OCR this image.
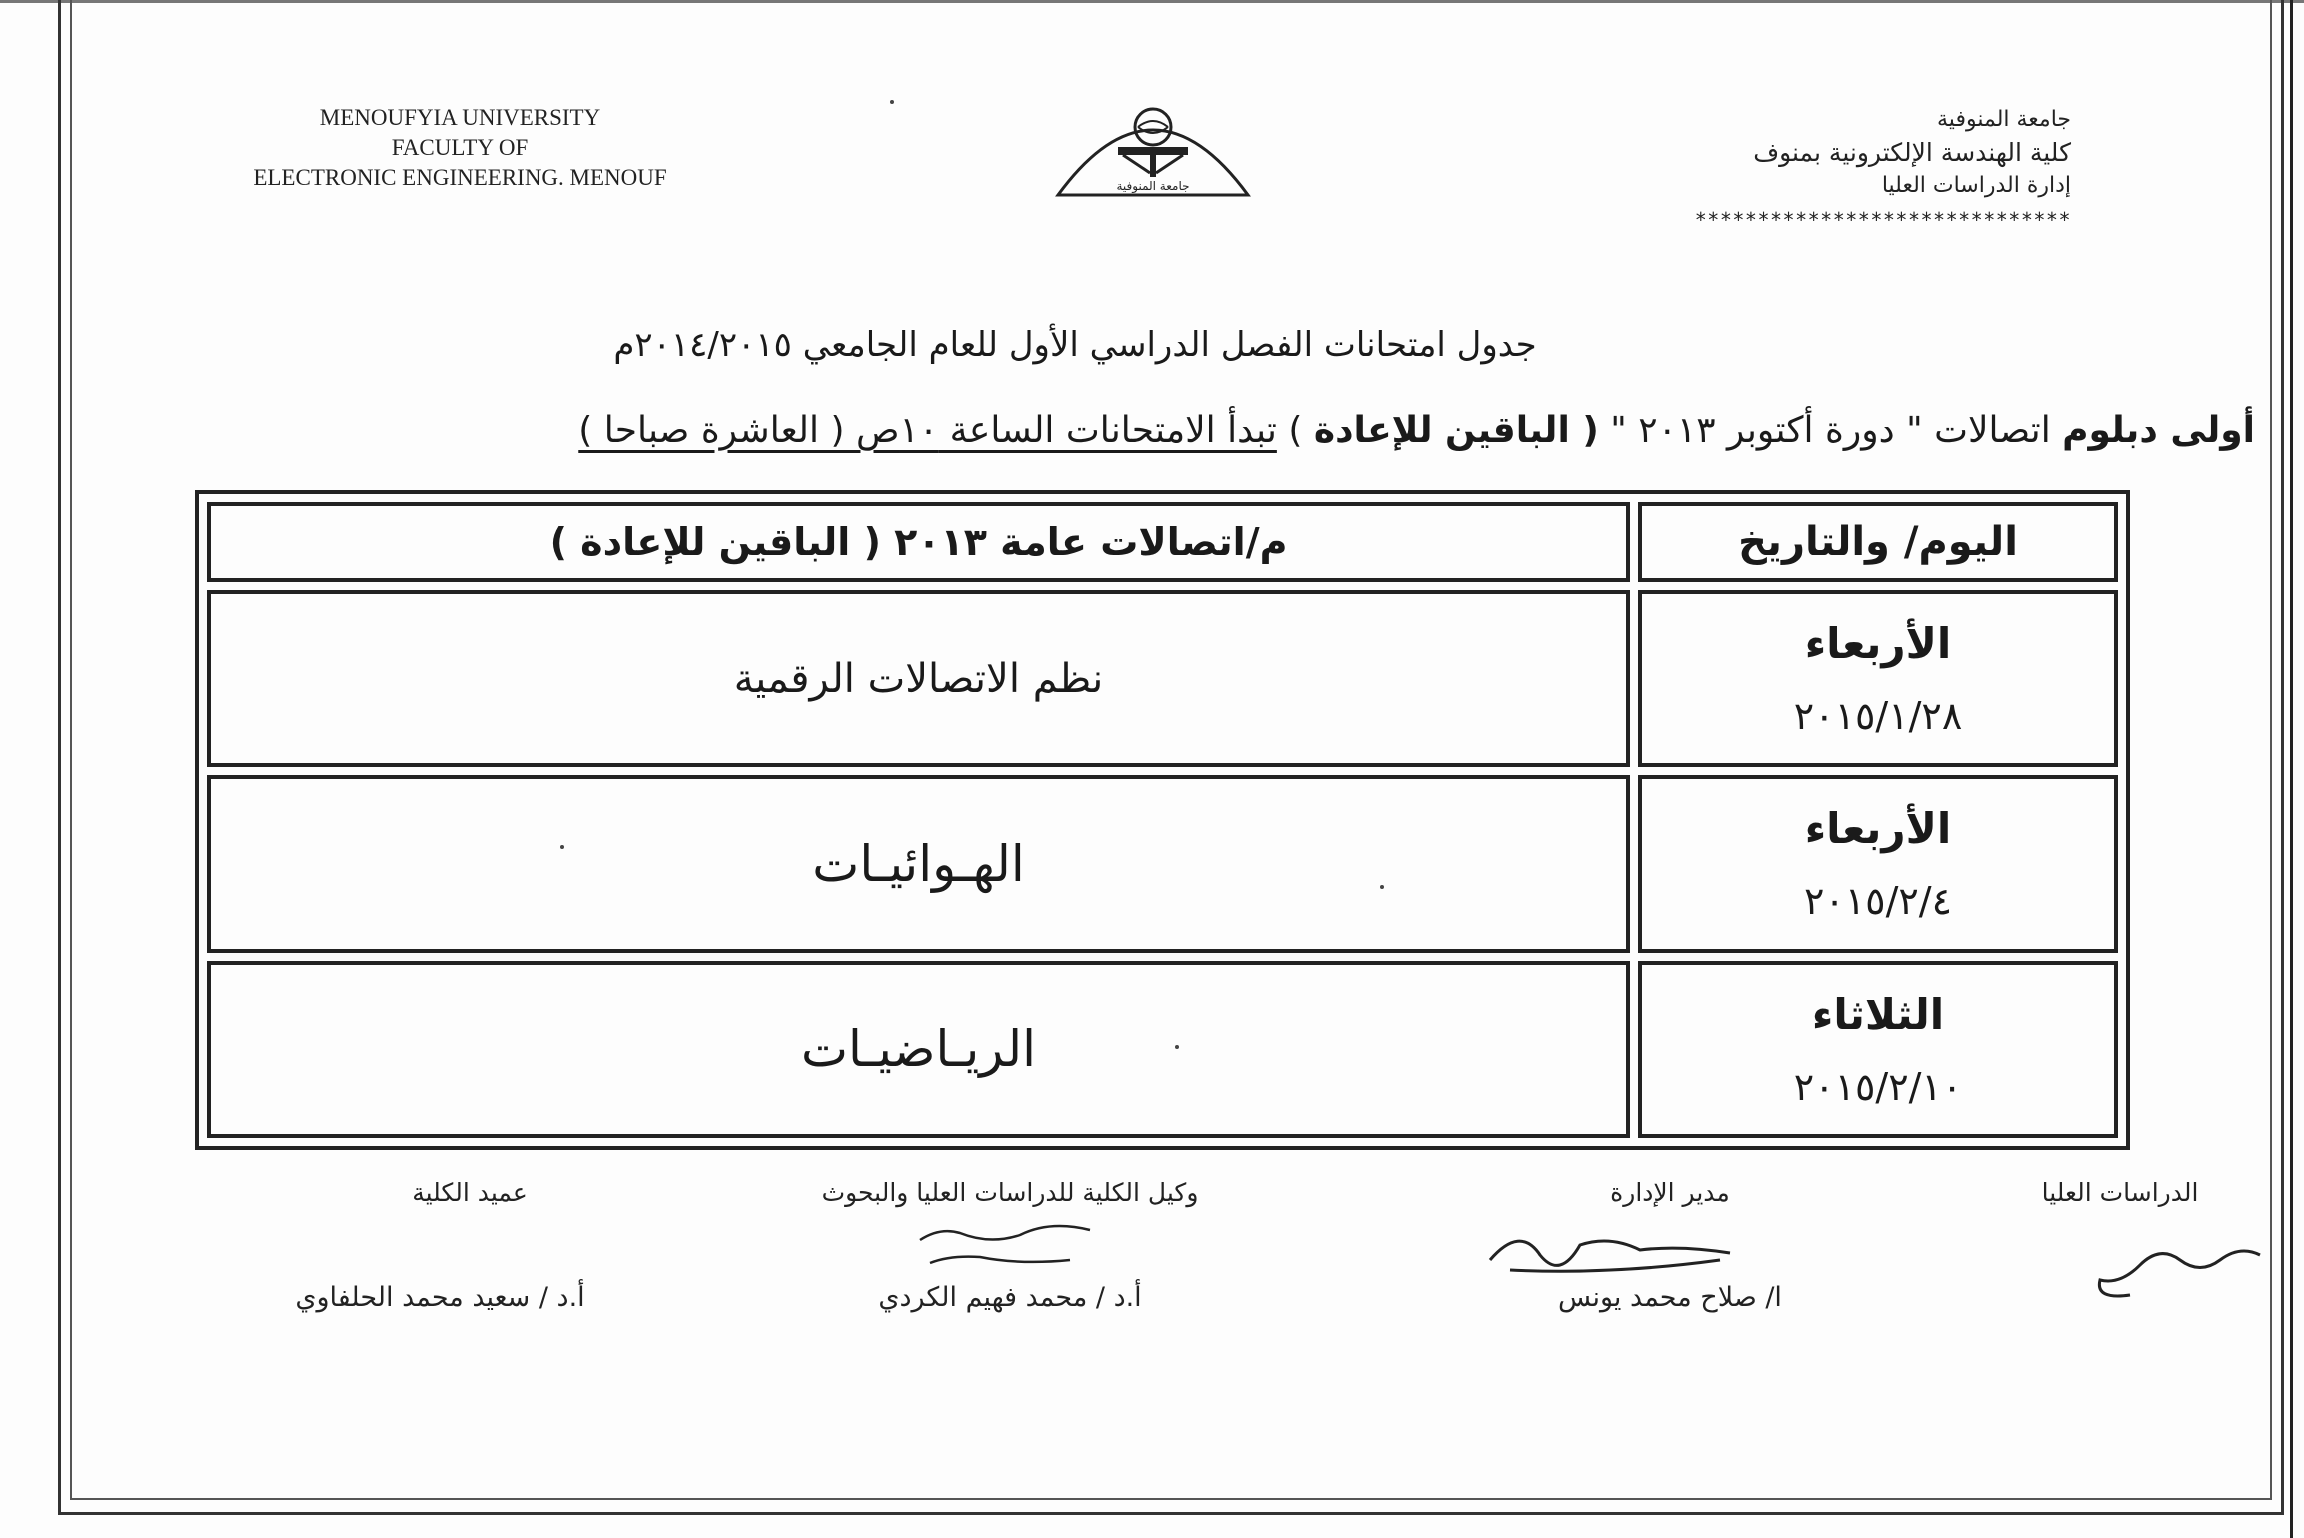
MENOUFYIA UNIVERSITY
FACULTY OF
ELECTRONIC ENGINEERING. MENOUF	جامعة المنوفية
جامعة المنوفية
كلية الهندسة الإلكترونية بمنوف
إدارة الدراسات العليا
******************************
جدول امتحانات الفصل الدراسي الأول للعام الجامعي ٢٠١٤/٢٠١٥م
أولى دبلوم اتصالات " دورة أكتوبر ٢٠١٣ " ( الباقين للإعادة ) تبدأ الامتحانات الساعة ١٠ص ( العاشرة صباحا )
اليوم/ والتاريخ	م/اتصالات عامة ٢٠١٣ ( الباقين للإعادة )

الأربعاء
٢٠١٥/١/٢٨	نظم الاتصالات الرقمية

الأربعاء
٢٠١٥/٢/٤	الهـوائيـات

الثلاثاء
٢٠١٥/٢/١٠	الريـاضيـات
الدراسات العليا
مدير الإدارة
ا/ صلاح محمد يونس
وكيل الكلية للدراسات العليا والبحوث
أ.د / محمد فهيم الكردي
عميد الكلية
أ.د / سعيد محمد الحلفاوي
